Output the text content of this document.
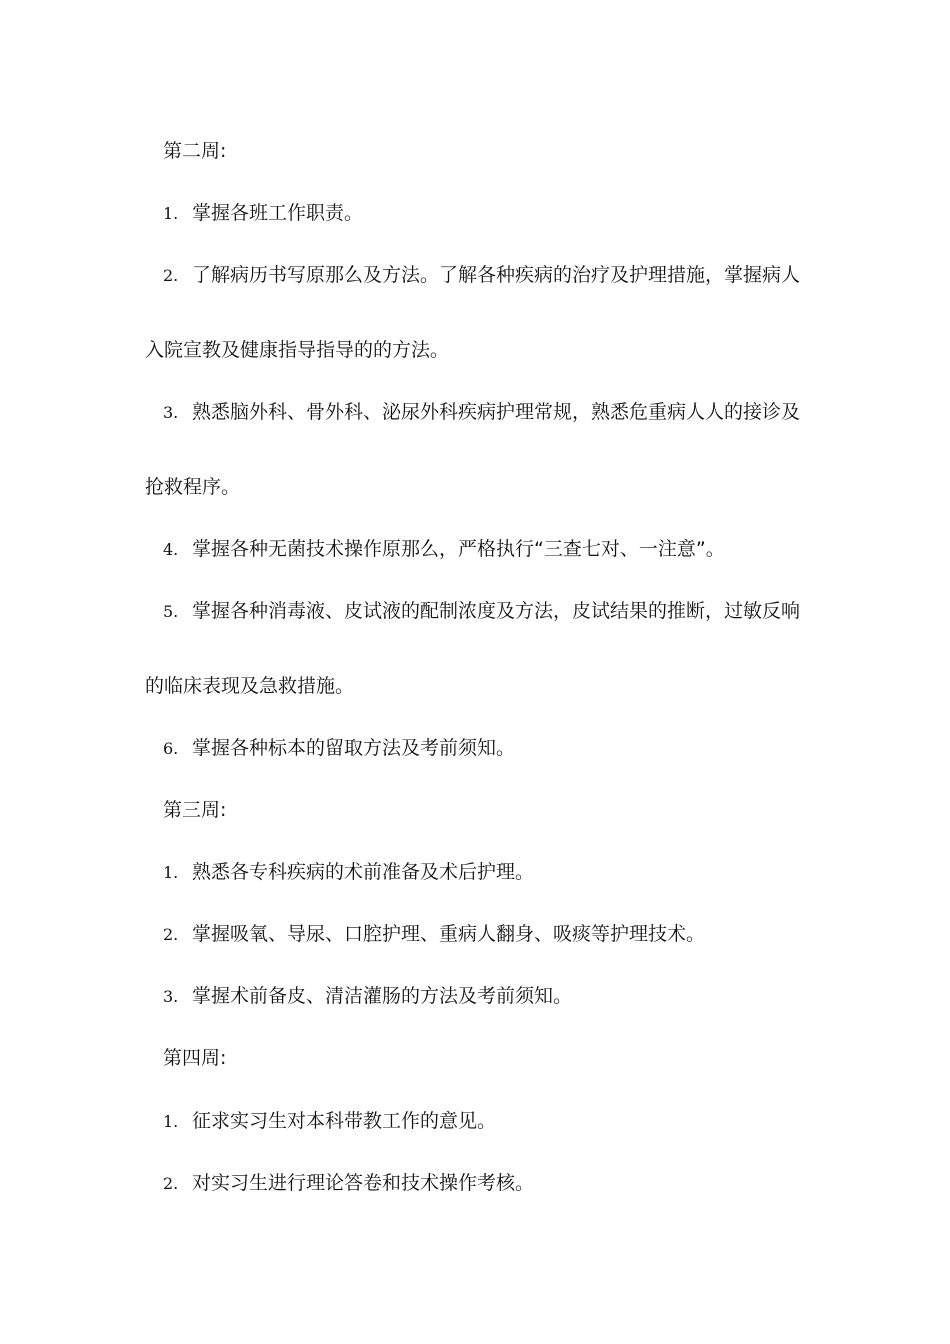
第二周:
1. 掌握各班工作职责。
2. 了解病历书写原那么及方法。了解各种疾病的治疗及护理措施，掌握病人
入院宣教及健康指导指导的的方法。
3. 熟悉脑外科、骨外科、泌尿外科疾病护理常规，熟悉危重病人人的接诊及
抢救程序。
4. 掌握各种无菌技术操作原那么，严格执行“三查七对、一注意”。
5. 掌握各种消毒液、皮试液的配制浓度及方法，皮试结果的推断，过敏反响
的临床表现及急救措施。
6. 掌握各种标本的留取方法及考前须知。
第三周:
1. 熟悉各专科疾病的术前准备及术后护理。
2. 掌握吸氧、导尿、口腔护理、重病人翻身、吸痰等护理技术。
3. 掌握术前备皮、清洁灌肠的方法及考前须知。
第四周:
1. 征求实习生对本科带教工作的意见。
2. 对实习生进行理论答卷和技术操作考核。
